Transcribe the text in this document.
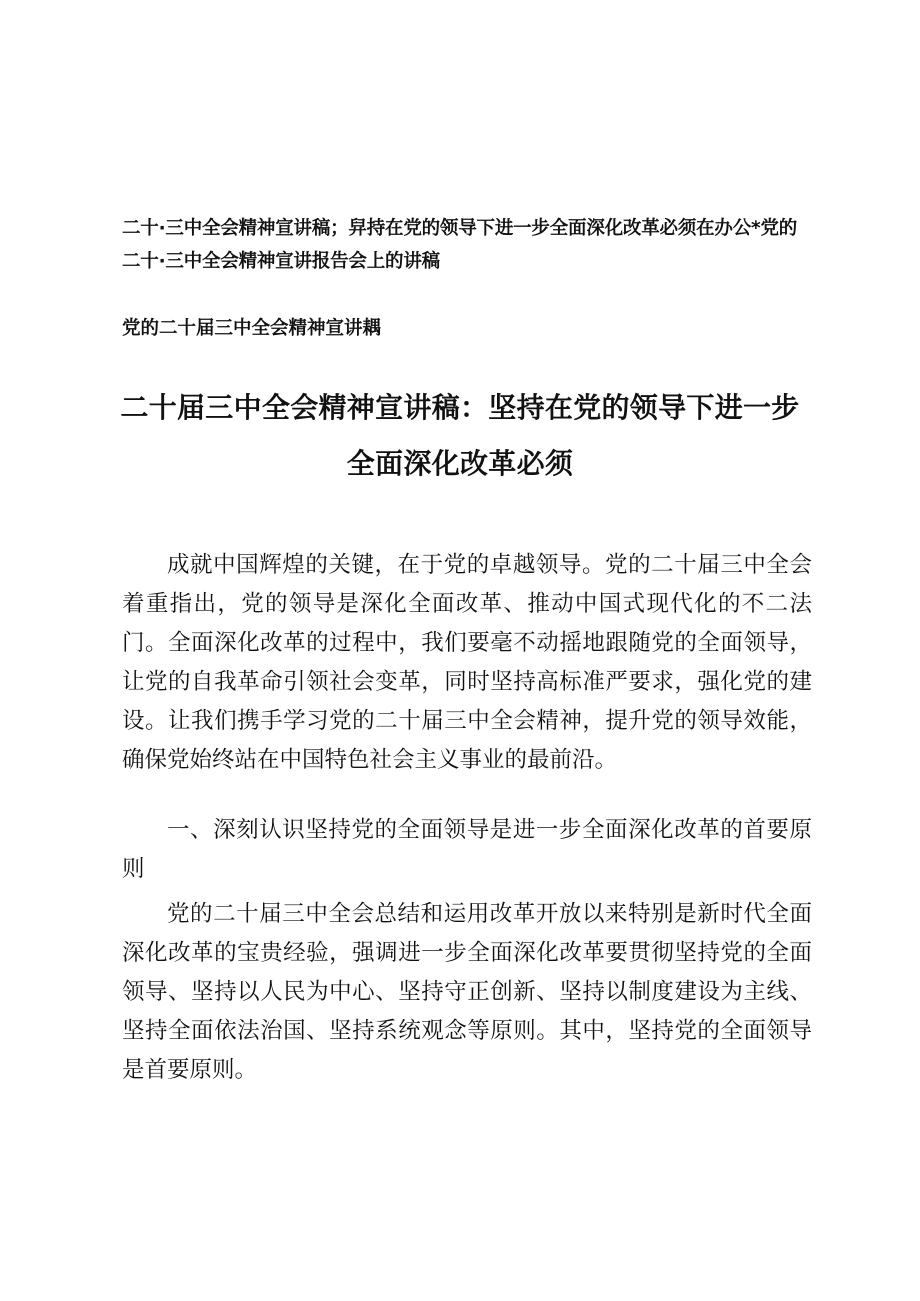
二十·三中全会精神宣讲稿；舁持在党的领导下进一步全面深化改革必须在办公*党的二十·三中全会精神宣讲报告会上的讲稿
党的二十届三中全会精神宣讲耦
二十届三中全会精神宣讲稿：坚持在党的领导下进一步
全面深化改革必须

成就中国辉煌的关键，在于党的卓越领导。党的二十届三中全会着重指出，党的领导是深化全面改革、推动中国式现代化的不二法门。全面深化改革的过程中，我们要毫不动摇地跟随党的全面领导，让党的自我革命引领社会变革，同时坚持高标准严要求，强化党的建设。让我们携手学习党的二十届三中全会精神，提升党的领导效能，确保党始终站在中国特色社会主义事业的最前沿。

一、深刻认识坚持党的全面领导是进一步全面深化改革的首要原则

党的二十届三中全会总结和运用改革开放以来特别是新时代全面深化改革的宝贵经验，强调进一步全面深化改革要贯彻坚持党的全面领导、坚持以人民为中心、坚持守正创新、坚持以制度建设为主线、坚持全面依法治国、坚持系统观念等原则。其中，坚持党的全面领导是首要原则。
